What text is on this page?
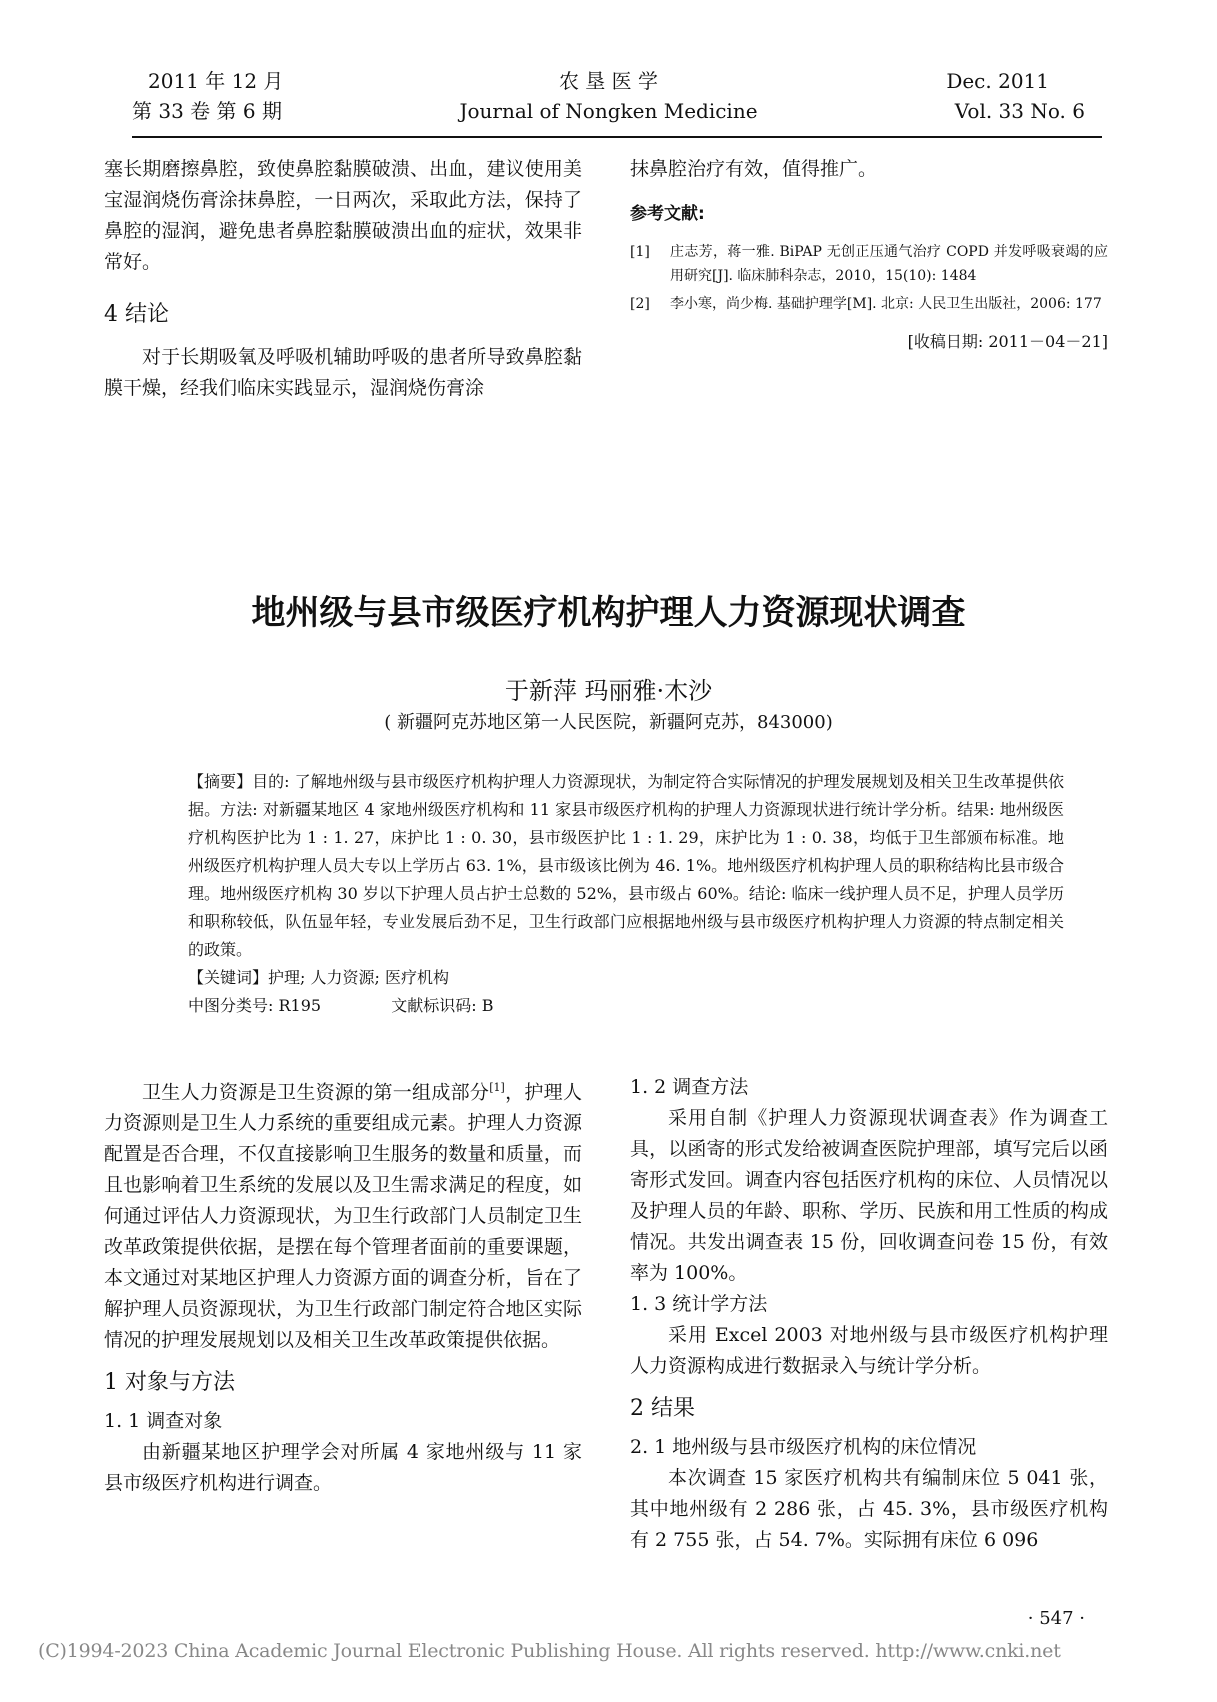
2011 年 12 月
第 33 卷 第 6 期
农 垦 医 学
Journal of Nongken Medicine
Dec. 2011
Vol. 33 No. 6

塞长期磨擦鼻腔，致使鼻腔黏膜破溃、出血，建议使用美宝湿润烧伤膏涂抹鼻腔，一日两次，采取此方法，保持了鼻腔的湿润，避免患者鼻腔黏膜破溃出血的症状，效果非常好。

4 结论

对于长期吸氧及呼吸机辅助呼吸的患者所导致鼻腔黏膜干燥，经我们临床实践显示，湿润烧伤膏涂

抹鼻腔治疗有效，值得推广。

参考文献:
[1]	庄志芳，蒋一雅. BiPAP 无创正压通气治疗 COPD 并发呼吸衰竭的应用研究[J]. 临床肺科杂志，2010，15(10): 1484
[2]	李小寒，尚少梅. 基础护理学[M]. 北京: 人民卫生出版社，2006: 177
[收稿日期: 2011－04－21]
地州级与县市级医疗机构护理人力资源现状调查
于新萍 玛丽雅·木沙
( 新疆阿克苏地区第一人民医院，新疆阿克苏，843000)
【摘要】目的: 了解地州级与县市级医疗机构护理人力资源现状，为制定符合实际情况的护理发展规划及相关卫生改革提供依据。方法: 对新疆某地区 4 家地州级医疗机构和 11 家县市级医疗机构的护理人力资源现状进行统计学分析。结果: 地州级医疗机构医护比为 1 : 1. 27，床护比 1 : 0. 30，县市级医护比 1 : 1. 29，床护比为 1 : 0. 38，均低于卫生部颁布标准。地州级医疗机构护理人员大专以上学历占 63. 1%，县市级该比例为 46. 1%。地州级医疗机构护理人员的职称结构比县市级合理。地州级医疗机构 30 岁以下护理人员占护士总数的 52%，县市级占 60%。结论: 临床一线护理人员不足，护理人员学历和职称较低，队伍显年轻，专业发展后劲不足，卫生行政部门应根据地州级与县市级医疗机构护理人力资源的特点制定相关的政策。
【关键词】护理; 人力资源; 医疗机构
中图分类号: R195	文献标识码: B

卫生人力资源是卫生资源的第一组成部分[1]，护理人力资源则是卫生人力系统的重要组成元素。护理人力资源配置是否合理，不仅直接影响卫生服务的数量和质量，而且也影响着卫生系统的发展以及卫生需求满足的程度，如何通过评估人力资源现状，为卫生行政部门人员制定卫生改革政策提供依据，是摆在每个管理者面前的重要课题，本文通过对某地区护理人力资源方面的调查分析，旨在了解护理人员资源现状，为卫生行政部门制定符合地区实际情况的护理发展规划以及相关卫生改革政策提供依据。

1 对象与方法
1. 1 调查对象

由新疆某地区护理学会对所属 4 家地州级与 11 家县市级医疗机构进行调查。

1. 2 调查方法

采用自制《护理人力资源现状调查表》作为调查工具，以函寄的形式发给被调查医院护理部，填写完后以函寄形式发回。调查内容包括医疗机构的床位、人员情况以及护理人员的年龄、职称、学历、民族和用工性质的构成情况。共发出调查表 15 份，回收调查问卷 15 份，有效率为 100%。

1. 3 统计学方法

采用 Excel 2003 对地州级与县市级医疗机构护理人力资源构成进行数据录入与统计学分析。

2 结果
2. 1 地州级与县市级医疗机构的床位情况

本次调查 15 家医疗机构共有编制床位 5 041 张，其中地州级有 2 286 张，占 45. 3%，县市级医疗机构有 2 755 张，占 54. 7%。实际拥有床位 6 096

· 547 ·
(C)1994-2023 China Academic Journal Electronic Publishing House. All rights reserved. http://www.cnki.net
